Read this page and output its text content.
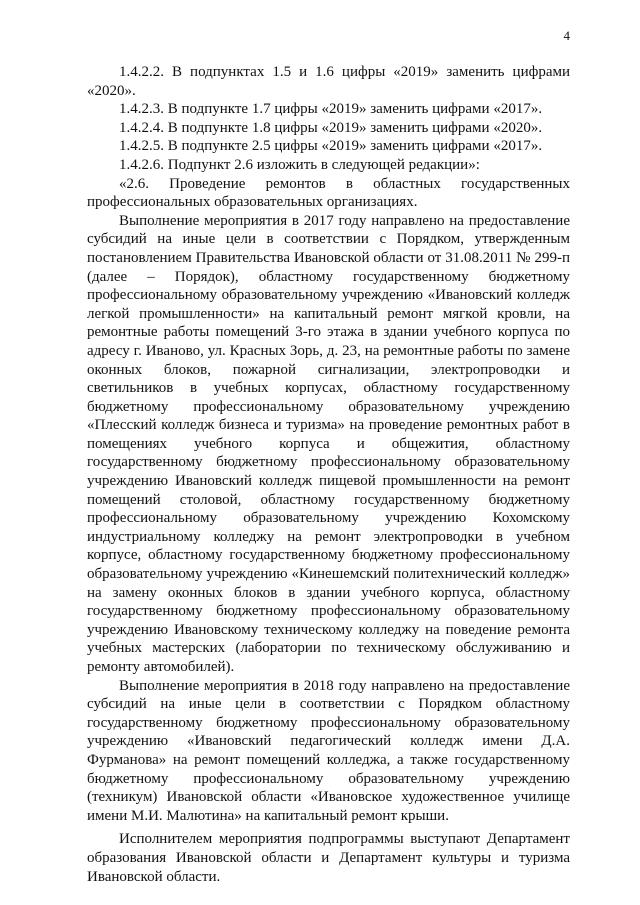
4

1.4.2.2. В подпунктах 1.5 и 1.6 цифры «2019» заменить цифрами «2020».

1.4.2.3. В подпункте 1.7 цифры «2019» заменить цифрами «2017».

1.4.2.4. В подпункте 1.8 цифры «2019» заменить цифрами «2020».

1.4.2.5. В подпункте 2.5 цифры «2019» заменить цифрами «2017».

1.4.2.6. Подпункт 2.6 изложить в следующей редакции»:

«2.6. Проведение ремонтов в областных государственных профессиональных образовательных организациях.

Выполнение мероприятия в 2017 году направлено на предоставление субсидий на иные цели в соответствии с Порядком, утвержденным постановлением Правительства Ивановской области от 31.08.2011 № 299-п (далее – Порядок), областному государственному бюджетному профессиональному образовательному учреждению «Ивановский колледж легкой промышленности» на капитальный ремонт мягкой кровли, на ремонтные работы помещений 3-го этажа в здании учебного корпуса по адресу г. Иваново, ул. Красных Зорь, д. 23, на ремонтные работы по замене оконных блоков, пожарной сигнализации, электропроводки и светильников в учебных корпусах, областному государственному бюджетному профессиональному образовательному учреждению «Плесский колледж бизнеса и туризма» на проведение ремонтных работ в помещениях учебного корпуса и общежития, областному государственному бюджетному профессиональному образовательному учреждению Ивановский колледж пищевой промышленности на ремонт помещений столовой, областному государственному бюджетному профессиональному образовательному учреждению Кохомскому индустриальному колледжу на ремонт электропроводки в учебном корпусе, областному государственному бюджетному профессиональному образовательному учреждению «Кинешемский политехнический колледж» на замену оконных блоков в здании учебного корпуса, областному государственному бюджетному профессиональному образовательному учреждению Ивановскому техническому колледжу на поведение ремонта учебных мастерских (лаборатории по техническому обслуживанию и ремонту автомобилей).

Выполнение мероприятия в 2018 году направлено на предоставление субсидий на иные цели в соответствии с Порядком областному государственному бюджетному профессиональному образовательному учреждению «Ивановский педагогический колледж имени Д.А. Фурманова» на ремонт помещений колледжа, а также государственному бюджетному профессиональному образовательному учреждению (техникум) Ивановской области «Ивановское художественное училище имени М.И. Малютина» на капитальный ремонт крыши.

Исполнителем мероприятия подпрограммы выступают Департамент образования Ивановской области и Департамент культуры и туризма Ивановской области.
